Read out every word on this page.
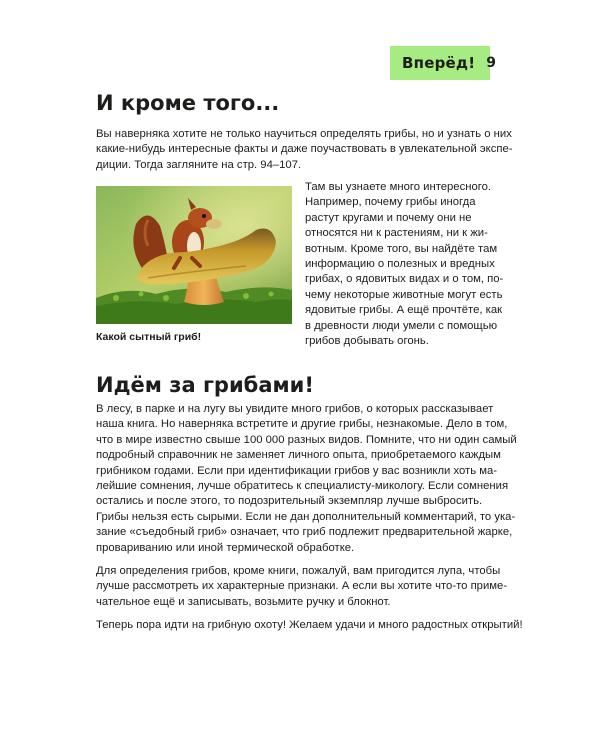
Вперёд! 9
И кроме того...
Вы наверняка хотите не только научиться определять грибы, но и узнать о них
какие-нибудь интересные факты и даже поучаствовать в увлекательной экспе-
диции. Тогда загляните на стр. 94–107.
Какой сытный гриб!
Там вы узнаете много интересного.
Например, почему грибы иногда
растут кругами и почему они не
относятся ни к растениям, ни к жи-
вотным. Кроме того, вы найдёте там
информацию о полезных и вредных
грибах, о ядовитых видах и о том, по-
чему некоторые животные могут есть
ядовитые грибы. А ещё прочтёте, как
в древности люди умели с помощью
грибов добывать огонь.
Идём за грибами!
В лесу, в парке и на лугу вы увидите много грибов, о которых рассказывает
наша книга. Но наверняка встретите и другие грибы, незнакомые. Дело в том,
что в мире известно свыше 100 000 разных видов. Помните, что ни один самый
подробный справочник не заменяет личного опыта, приобретаемого каждым
грибником годами. Если при идентификации грибов у вас возникли хоть ма-
лейшие сомнения, лучше обратитесь к специалисту-микологу. Если сомнения
остались и после этого, то подозрительный экземпляр лучше выбросить.
Грибы нельзя есть сырыми. Если не дан дополнительный комментарий, то ука-
зание «съедобный гриб» означает, что гриб подлежит предварительной жарке,
провариванию или иной термической обработке.
Для определения грибов, кроме книги, пожалуй, вам пригодится лупа, чтобы
лучше рассмотреть их характерные признаки. А если вы хотите что-то приме-
чательное ещё и записывать, возьмите ручку и блокнот.
Теперь пора идти на грибную охоту! Желаем удачи и много радостных открытий!
